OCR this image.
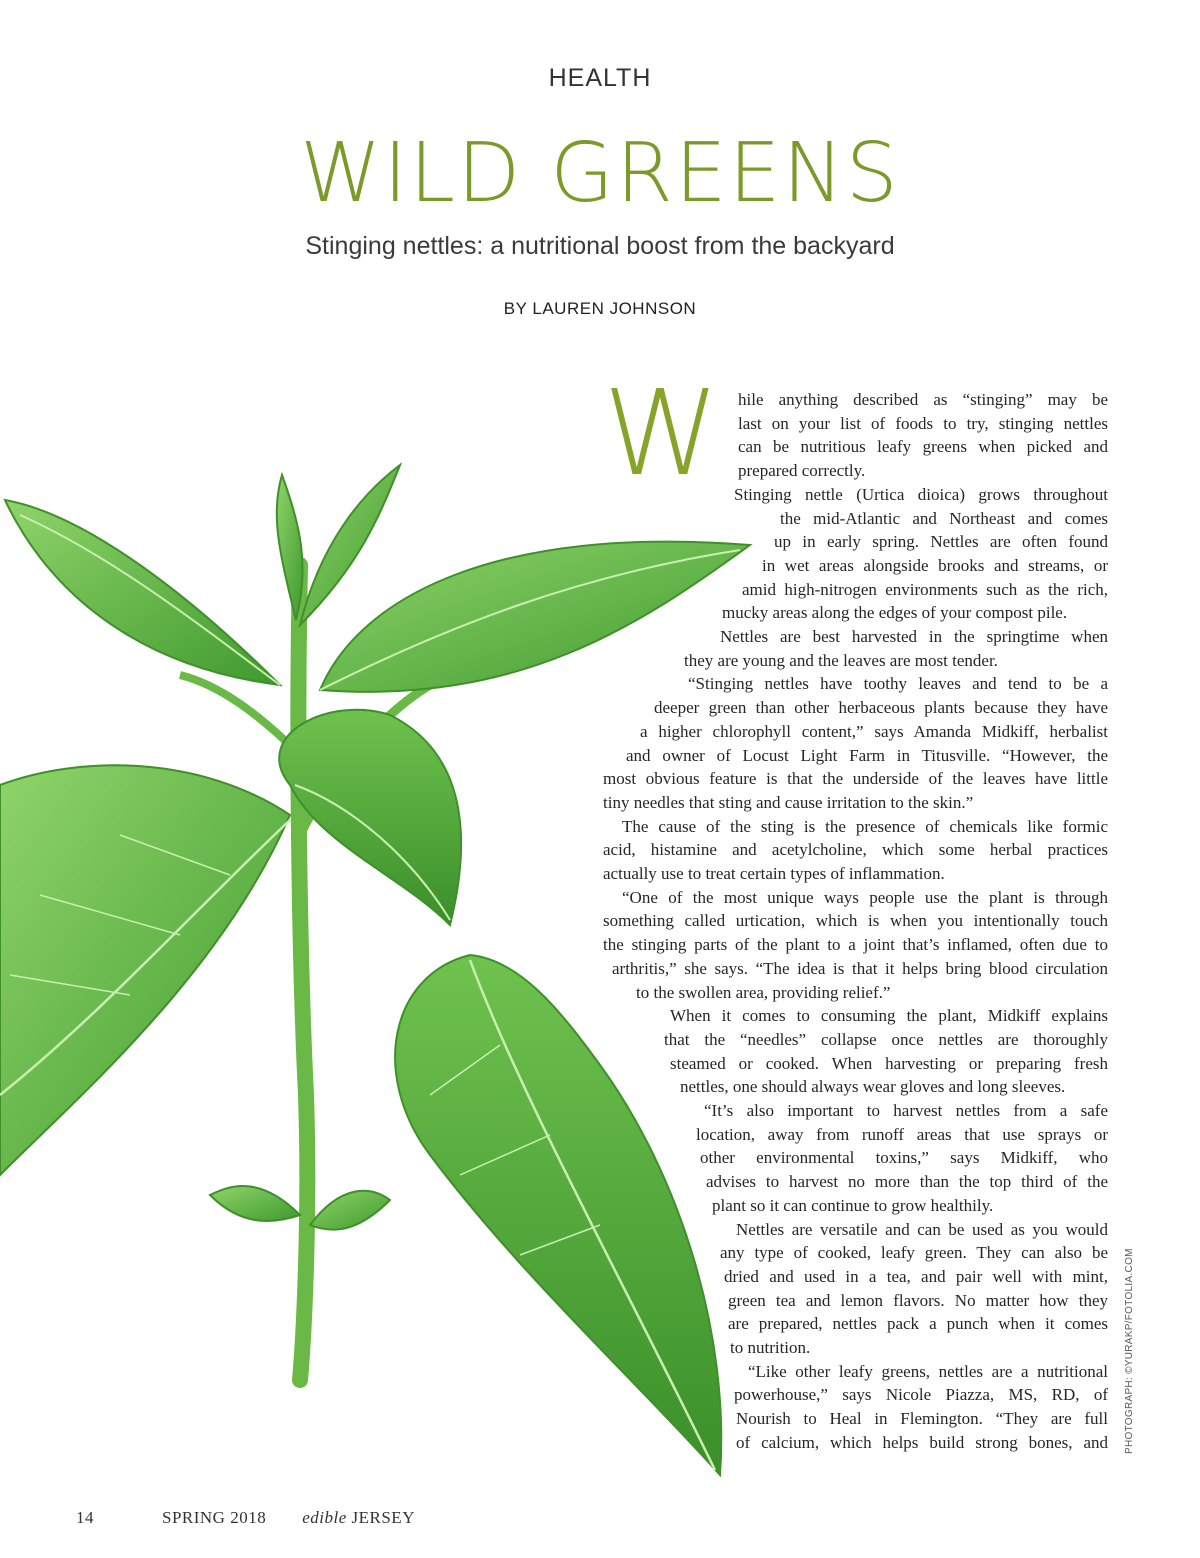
HEALTH
WILD GREENS
Stinging nettles: a nutritional boost from the backyard
BY LAUREN JOHNSON
W hile anything described as “stinging” may be
last on your list of foods to try, stinging nettles
can be nutritious leafy greens when picked and
prepared correctly.
Stinging nettle (Urtica dioica) grows throughout
the mid-Atlantic and Northeast and comes
up in early spring. Nettles are often found
in wet areas alongside brooks and streams, or
amid high-nitrogen environments such as the rich,
mucky areas along the edges of your compost pile.
Nettles are best harvested in the springtime when
they are young and the leaves are most tender.
“Stinging nettles have toothy leaves and tend to be a
deeper green than other herbaceous plants because they have
a higher chlorophyll content,” says Amanda Midkiff, herbalist
and owner of Locust Light Farm in Titusville. “However, the
most obvious feature is that the underside of the leaves have little
tiny needles that sting and cause irritation to the skin.”
The cause of the sting is the presence of chemicals like formic
acid, histamine and acetylcholine, which some herbal practices
actually use to treat certain types of inflammation.
“One of the most unique ways people use the plant is through
something called urtication, which is when you intentionally touch
the stinging parts of the plant to a joint that’s inflamed, often due to
arthritis,” she says. “The idea is that it helps bring blood circulation
to the swollen area, providing relief.”
When it comes to consuming the plant, Midkiff explains
that the “needles” collapse once nettles are thoroughly
steamed or cooked. When harvesting or preparing fresh
nettles, one should always wear gloves and long sleeves.
“It’s also important to harvest nettles from a safe
location, away from runoff areas that use sprays or
other environmental toxins,” says Midkiff, who
advises to harvest no more than the top third of the
plant so it can continue to grow healthily.
Nettles are versatile and can be used as you would
any type of cooked, leafy green. They can also be
dried and used in a tea, and pair well with mint,
green tea and lemon flavors. No matter how they
are prepared, nettles pack a punch when it comes
to nutrition.
“Like other leafy greens, nettles are a nutritional
powerhouse,” says Nicole Piazza, MS, RD, of
Nourish to Heal in Flemington. “They are full
of calcium, which helps build strong bones, and PHOTOGRAPH: ©YURAKP/FOTOLIA.COM
14	SPRING 2018 edible JERSEY
